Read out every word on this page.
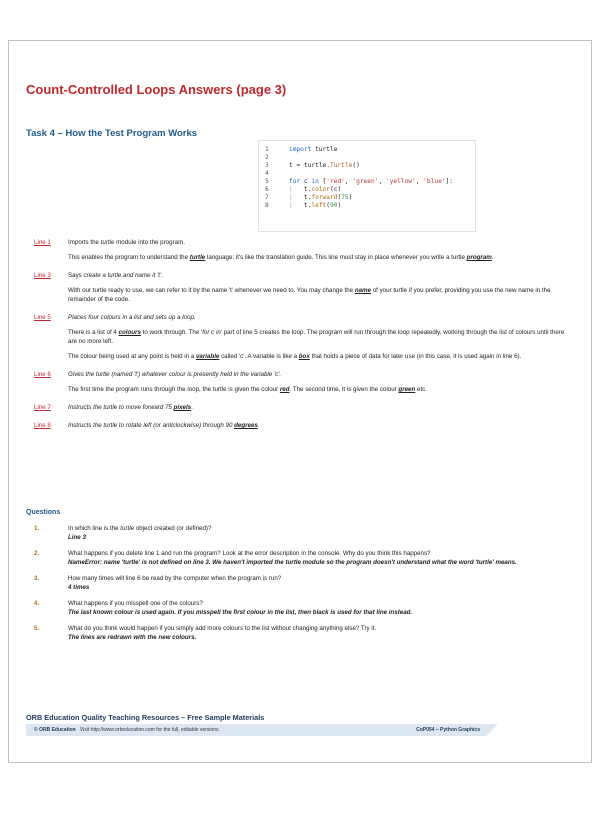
Count-Controlled Loops Answers (page 3)
Task 4 – How the Test Program Works
1	import turtle
2
3	t = turtle.Turtle()
4
5	for c in ['red', 'green', 'yellow', 'blue']:
6	| t.color(c)
7	| t.forward(75)
8	| t.left(90)
Line 1	Imports the turtle module into the program.
This enables the program to understand the turtle language; it's like the translation guide. This line must stay in place whenever you write a turtle program.
Line 3	Says create a turtle and name it 't'.
With our turtle ready to use, we can refer to it by the name 't' whenever we need to. You may change the name of your turtle if you prefer, providing you use the new name in the remainder of the code.
Line 5	Places four colours in a list and sets up a loop.
There is a list of 4 colours to work through. The 'for c in' part of line 5 creates the loop. The program will run through the loop repeatedly, working through the list of colours until there are no more left.
The colour being used at any point is held in a variable called 'c'. A variable is like a box that holds a piece of data for later use (in this case, it is used again in line 6).
Line 6	Gives the turtle (named 't') whatever colour is presently held in the variable 'c'.
The first time the program runs through the loop, the turtle is given the colour red. The second time, it is given the colour green etc.
Line 7	Instructs the turtle to move forward 75 pixels.
Line 8	Instructs the turtle to rotate left (or anticlockwise) through 90 degrees.
Questions
1.	In which line is the turtle object created (or defined)?
Line 3
2.	What happens if you delete line 1 and run the program? Look at the error description in the console. Why do you think this happens?
NameError: name 'turtle' is not defined on line 3. We haven't imported the turtle module so the program doesn't understand what the word 'turtle' means.
3.	How many times will line 6 be read by the computer when the program is run?
4 times
4.	What happens if you misspell one of the colours?
The last known colour is used again. If you misspell the first colour in the list, then black is used for that line instead.
5.	What do you think would happen if you simply add more colours to the list without changing anything else? Try it.
The lines are redrawn with the new colours.
ORB Education Quality Teaching Resources – Free Sample Materials
© ORB Education Visit http://www.orbeducation.com for the full, editable versions.	CoP054 – Python Graphics
